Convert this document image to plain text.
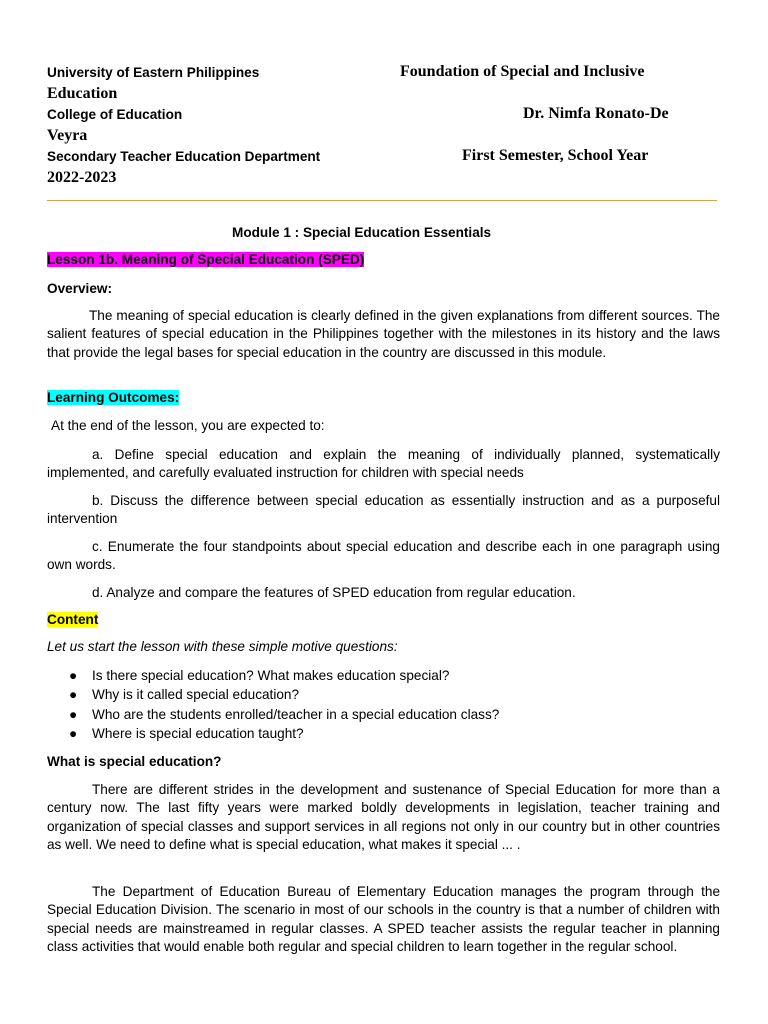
University of Eastern Philippines	Foundation of Special and Inclusive
Education
College of Education	Dr. Nimfa Ronato-De
Veyra
Secondary Teacher Education Department	First Semester, School Year
2022-2023
Module 1 : Special Education Essentials
Lesson 1b. Meaning of Special Education (SPED)
Overview:

The meaning of special education is clearly defined in the given explanations from different sources. The salient features of special education in the Philippines together with the milestones in its history and the laws that provide the legal bases for special education in the country are discussed in this module.

Learning Outcomes:
At the end of the lesson, you are expected to:

a. Define special education and explain the meaning of individually planned, systematically implemented, and carefully evaluated instruction for children with special needs

b. Discuss the difference between special education as essentially instruction and as a purposeful intervention

c. Enumerate the four standpoints about special education and describe each in one paragraph using own words.

d. Analyze and compare the features of SPED education from regular education.

Content
Let us start the lesson with these simple motive questions:
● Is there special education? What makes education special?
● Why is it called special education?
● Who are the students enrolled/teacher in a special education class?
● Where is special education taught?
What is special education?

There are different strides in the development and sustenance of Special Education for more than a century now. The last fifty years were marked boldly developments in legislation, teacher training and organization of special classes and support services in all regions not only in our country but in other countries as well. We need to define what is special education, what makes it special ... .

The Department of Education Bureau of Elementary Education manages the program through the Special Education Division. The scenario in most of our schools in the country is that a number of children with special needs are mainstreamed in regular classes. A SPED teacher assists the regular teacher in planning class activities that would enable both regular and special children to learn together in the regular school.
